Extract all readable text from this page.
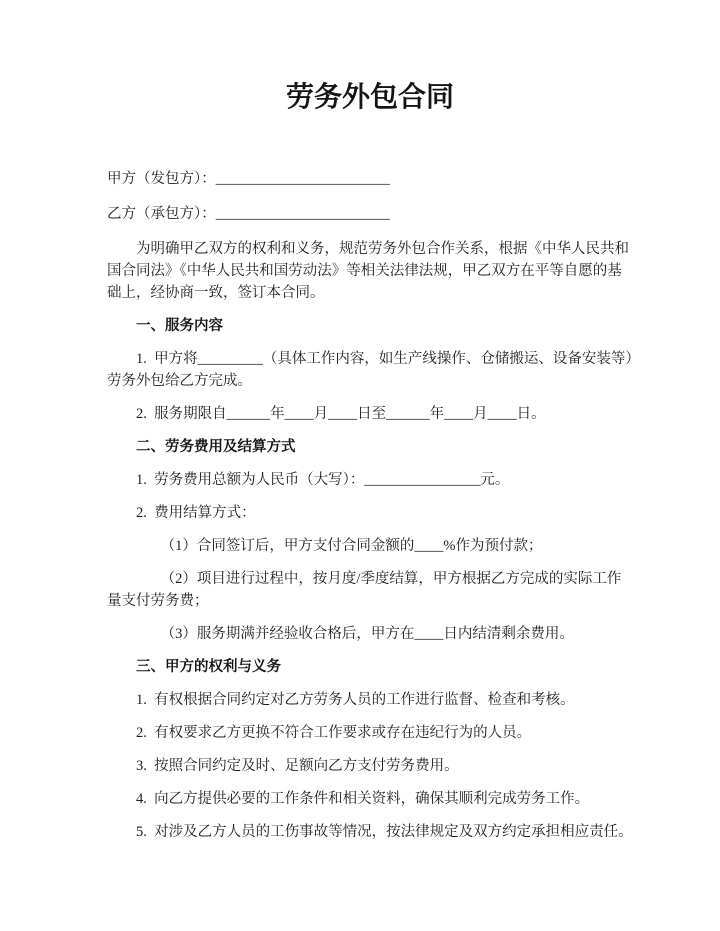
劳务外包合同

甲方（发包方）：________________________

乙方（承包方）：________________________

为明确甲乙双方的权利和义务，规范劳务外包合作关系，根据《中华人民共和国合同法》《中华人民共和国劳动法》等相关法律法规，甲乙双方在平等自愿的基础上，经协商一致，签订本合同。

一、服务内容

1.  甲方将_________（具体工作内容，如生产线操作、仓储搬运、设备安装等）劳务外包给乙方完成。

2.  服务期限自______年____月____日至______年____月____日。

二、劳务费用及结算方式

1.  劳务费用总额为人民币（大写）：________________元。

2.  费用结算方式：

（1）合同签订后，甲方支付合同金额的____%作为预付款；

（2）项目进行过程中，按月度/季度结算，甲方根据乙方完成的实际工作量支付劳务费；

（3）服务期满并经验收合格后，甲方在____日内结清剩余费用。

三、甲方的权利与义务

1.  有权根据合同约定对乙方劳务人员的工作进行监督、检查和考核。

2.  有权要求乙方更换不符合工作要求或存在违纪行为的人员。

3.  按照合同约定及时、足额向乙方支付劳务费用。

4.  向乙方提供必要的工作条件和相关资料，确保其顺利完成劳务工作。

5.  对涉及乙方人员的工伤事故等情况，按法律规定及双方约定承担相应责任。
